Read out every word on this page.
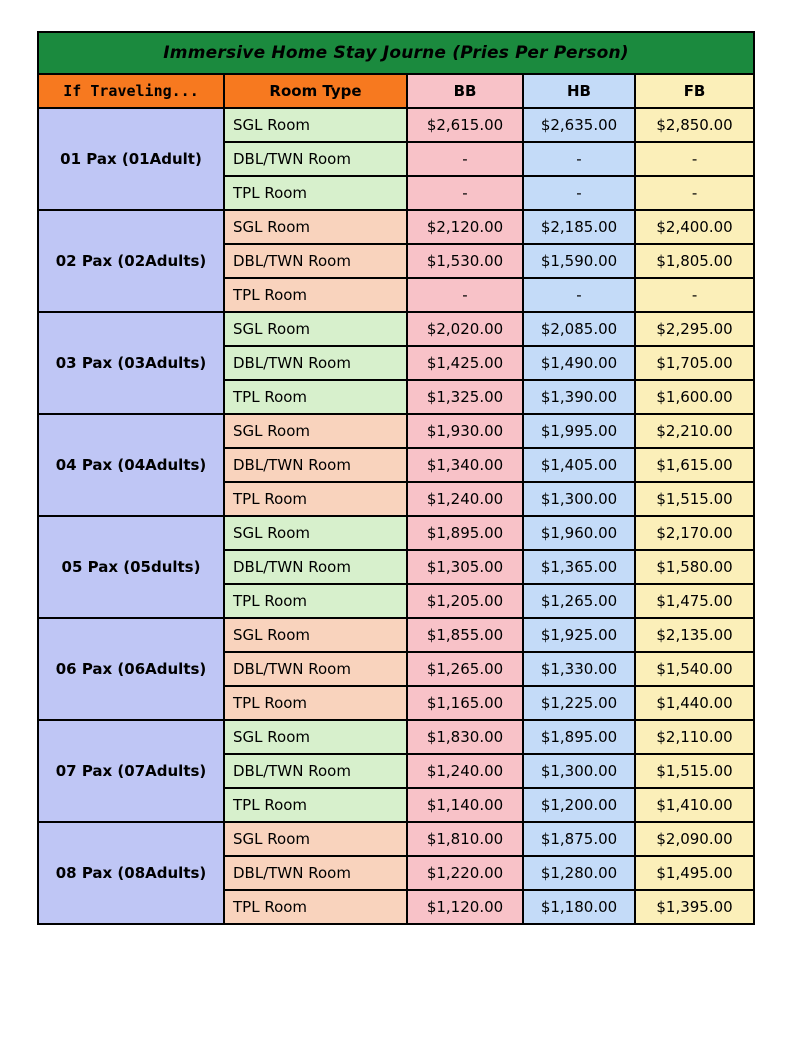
Immersive Home Stay Journe (Pries Per Person)				
If Traveling...	Room Type	BB	HB	FB
01 Pax (01Adult)	SGL Room	$2,615.00	$2,635.00	$2,850.00
	DBL/TWN Room	-	-	-
	TPL Room	-	-	-
02 Pax (02Adults)	SGL Room	$2,120.00	$2,185.00	$2,400.00
	DBL/TWN Room	$1,530.00	$1,590.00	$1,805.00
	TPL Room	-	-	-
03 Pax (03Adults)	SGL Room	$2,020.00	$2,085.00	$2,295.00
	DBL/TWN Room	$1,425.00	$1,490.00	$1,705.00
	TPL Room	$1,325.00	$1,390.00	$1,600.00
04 Pax (04Adults)	SGL Room	$1,930.00	$1,995.00	$2,210.00
	DBL/TWN Room	$1,340.00	$1,405.00	$1,615.00
	TPL Room	$1,240.00	$1,300.00	$1,515.00
05 Pax (05dults)	SGL Room	$1,895.00	$1,960.00	$2,170.00
	DBL/TWN Room	$1,305.00	$1,365.00	$1,580.00
	TPL Room	$1,205.00	$1,265.00	$1,475.00
06 Pax (06Adults)	SGL Room	$1,855.00	$1,925.00	$2,135.00
	DBL/TWN Room	$1,265.00	$1,330.00	$1,540.00
	TPL Room	$1,165.00	$1,225.00	$1,440.00
07 Pax (07Adults)	SGL Room	$1,830.00	$1,895.00	$2,110.00
	DBL/TWN Room	$1,240.00	$1,300.00	$1,515.00
	TPL Room	$1,140.00	$1,200.00	$1,410.00
08 Pax (08Adults)	SGL Room	$1,810.00	$1,875.00	$2,090.00
	DBL/TWN Room	$1,220.00	$1,280.00	$1,495.00
	TPL Room	$1,120.00	$1,180.00	$1,395.00
